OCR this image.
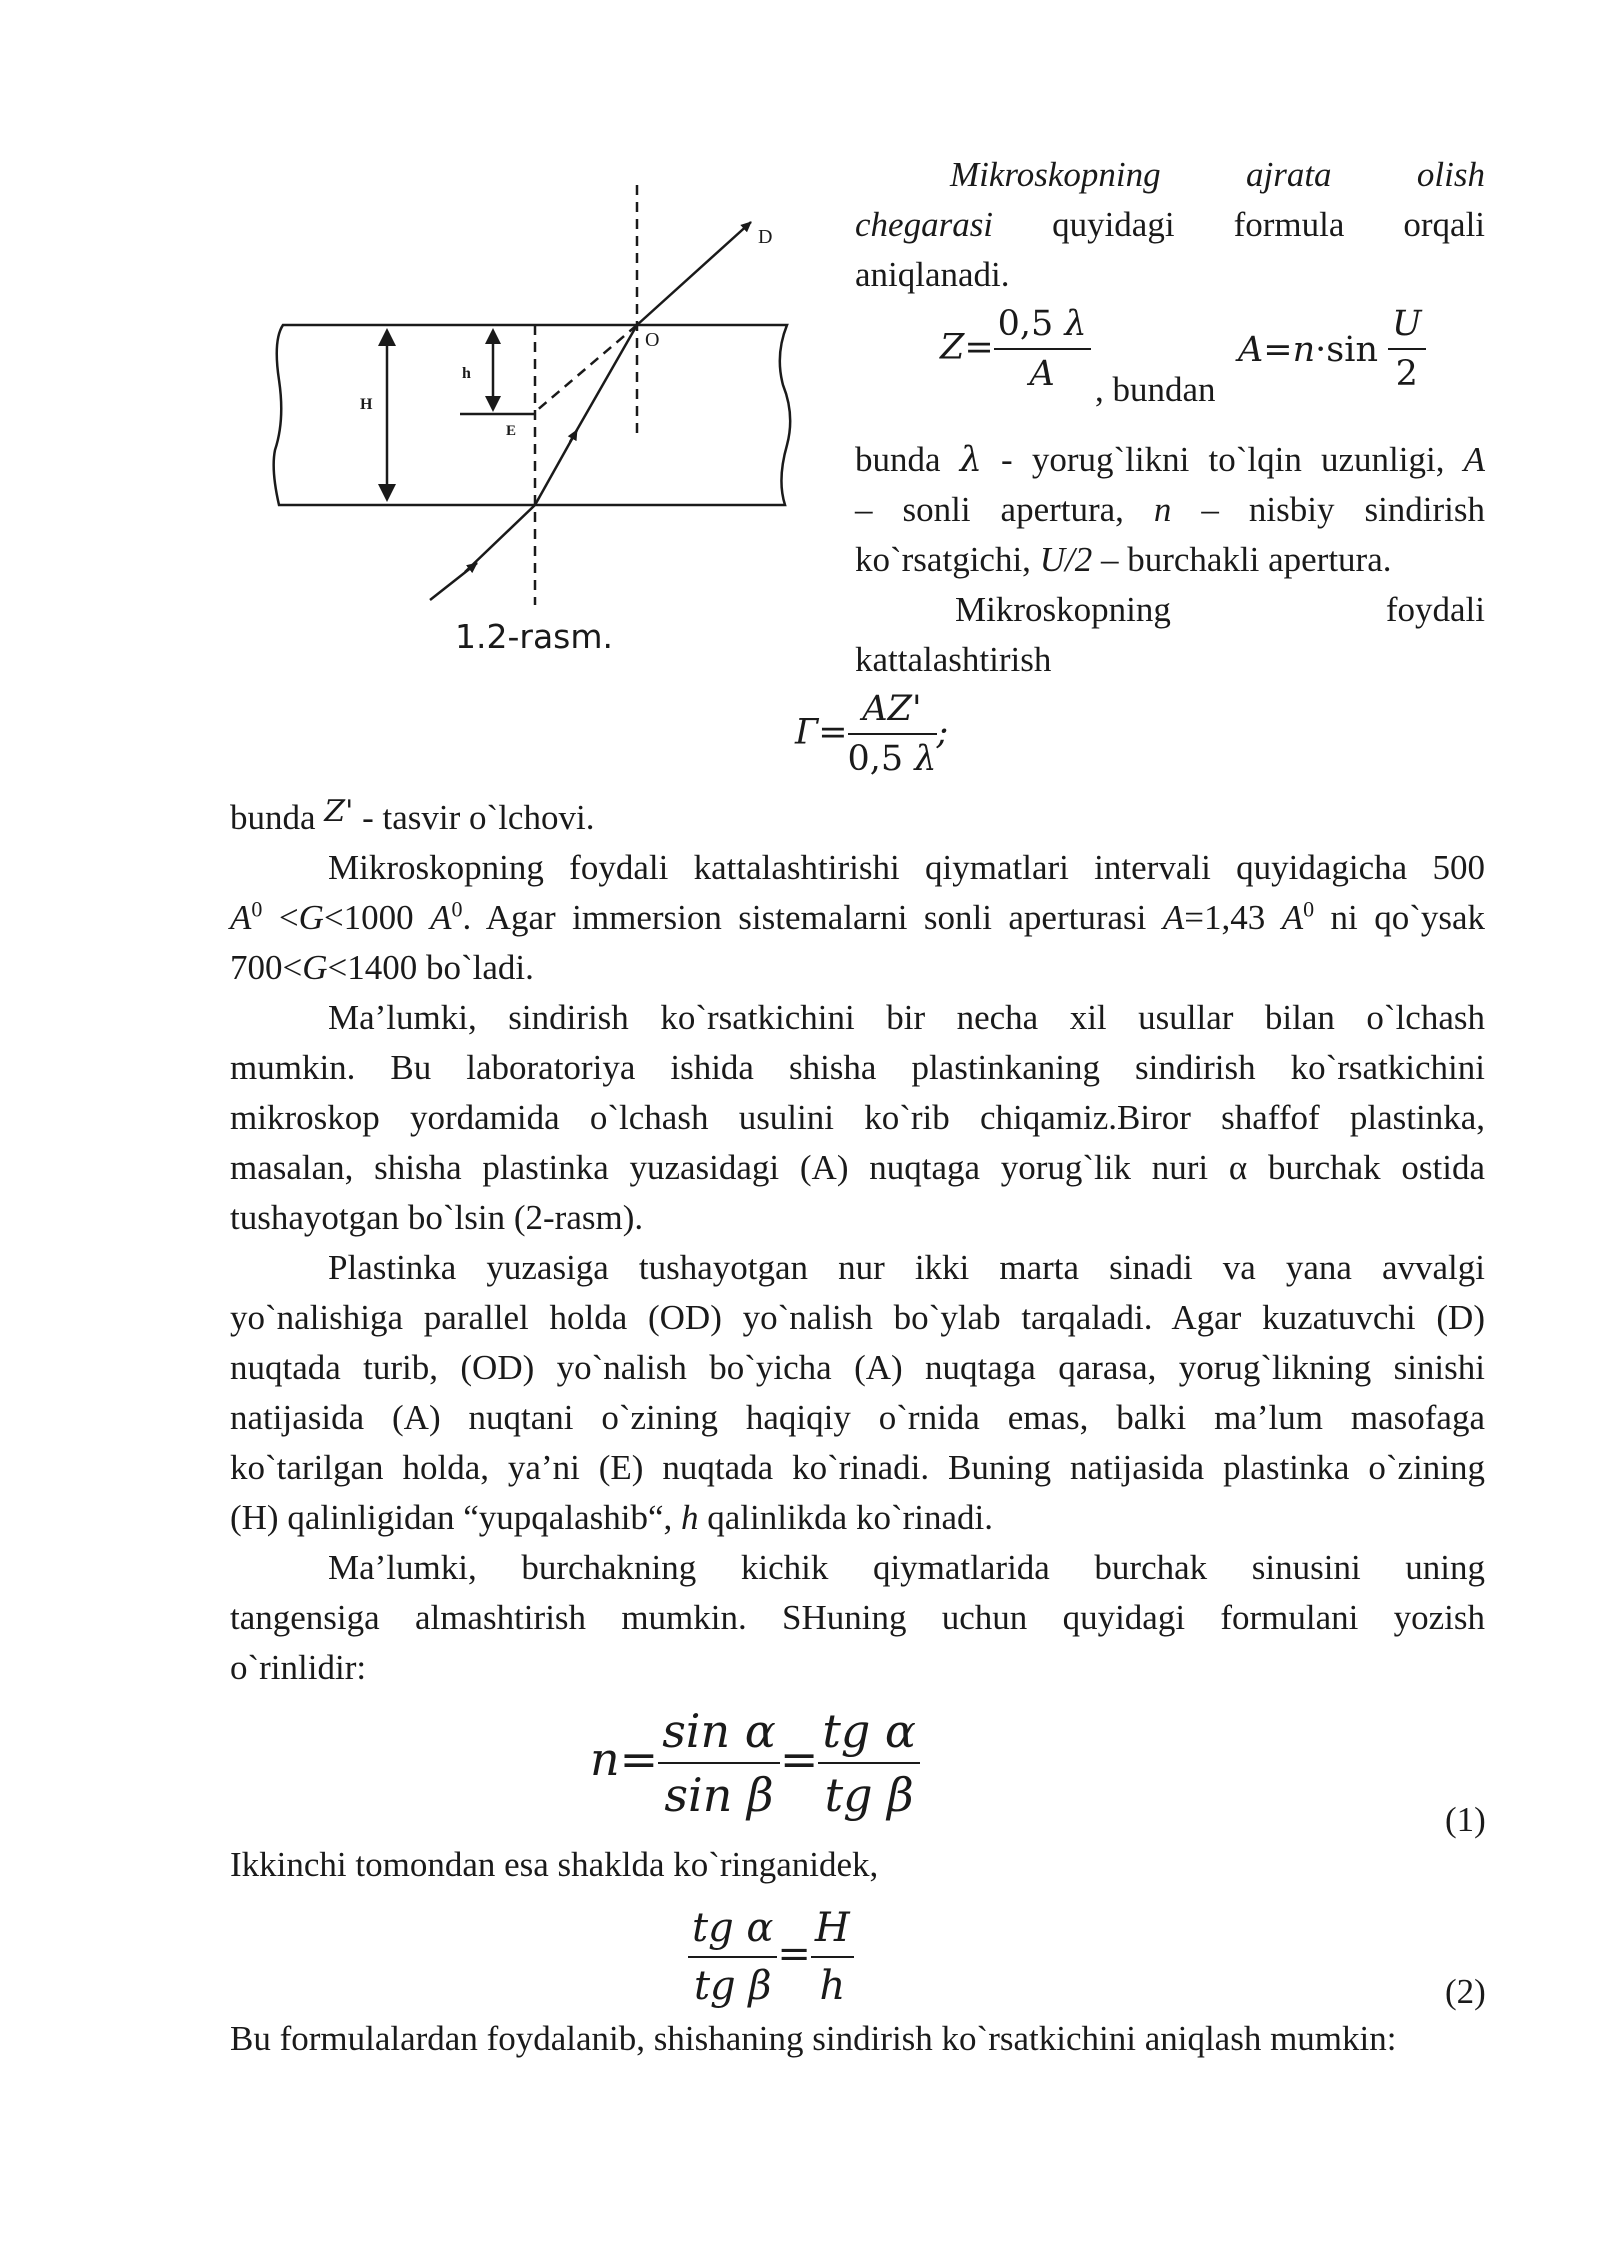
D
O
h
H
E
1.2-rasm.
Mikroskopning ajrata olish
chegarasi quyidagi formula orqali
aniqlanadi.
$Z= \frac{0,5 \lambda}{A}$ , bundan
$A=n\cdot\sin \frac{U}{2}$
bunda λ - yorug`likni to`lqin uzunligi, A
– sonli apertura, n – nisbiy sindirish
ko`rsatgichi, U/2 – burchakli apertura.
Mikroskopning	foydali
kattalashtirish
$Г= \frac{AZ'}{0,5 \lambda}$ ;
bunda Z' - tasvir o`lchovi.
Mikroskopning foydali kattalashtirishi qiymatlari intervali quyidagicha 500
$A^0 <G<1000$ $A^0$. Agar immersion sistemalarni sonli aperturasi A=1,43 $A^0$ ni qo`ysak
700<G<1400 bo`ladi.
Ma’lumki, sindirish ko`rsatkichini bir necha xil usullar bilan o`lchash
mumkin. Bu laboratoriya ishida shisha plastinkaning sindirish ko`rsatkichini
mikroskop yordamida o`lchash usulini ko`rib chiqamiz.Biror shaffof plastinka,
masalan, shisha plastinka yuzasidagi (A) nuqtaga yorug`lik nuri α burchak ostida
tushayotgan bo`lsin (2-rasm).
Plastinka yuzasiga tushayotgan nur ikki marta sinadi va yana avvalgi
yo`nalishiga parallel holda (OD) yo`nalish bo`ylab tarqaladi. Agar kuzatuvchi (D)
nuqtada turib, (OD) yo`nalish bo`yicha (A) nuqtaga qarasa, yorug`likning sinishi
natijasida (A) nuqtani o`zining haqiqiy o`rnida emas, balki ma’lum masofaga
ko`tarilgan holda, ya’ni (E) nuqtada ko`rinadi. Buning natijasida plastinka o`zining
(H) qalinligidan “yupqalashib“, h qalinlikda ko`rinadi.
Ma’lumki, burchakning kichik qiymatlarida burchak sinusini uning
tangensiga almashtirish mumkin. SHuning uchun quyidagi formulani yozish
o`rinlidir:
$n= \frac{\text{sin α}}{\text{sin β}} = \frac{\text{tg α}}{\text{tg β}}$	(1)
Ikkinchi tomondan esa shaklda ko`ringanidek,
$\frac{\text{tg α}}{\text{tg β}} = \frac{H}{h}$	(2)
Bu formulalardan foydalanib, shishaning sindirish ko`rsatkichini aniqlash mumkin:
